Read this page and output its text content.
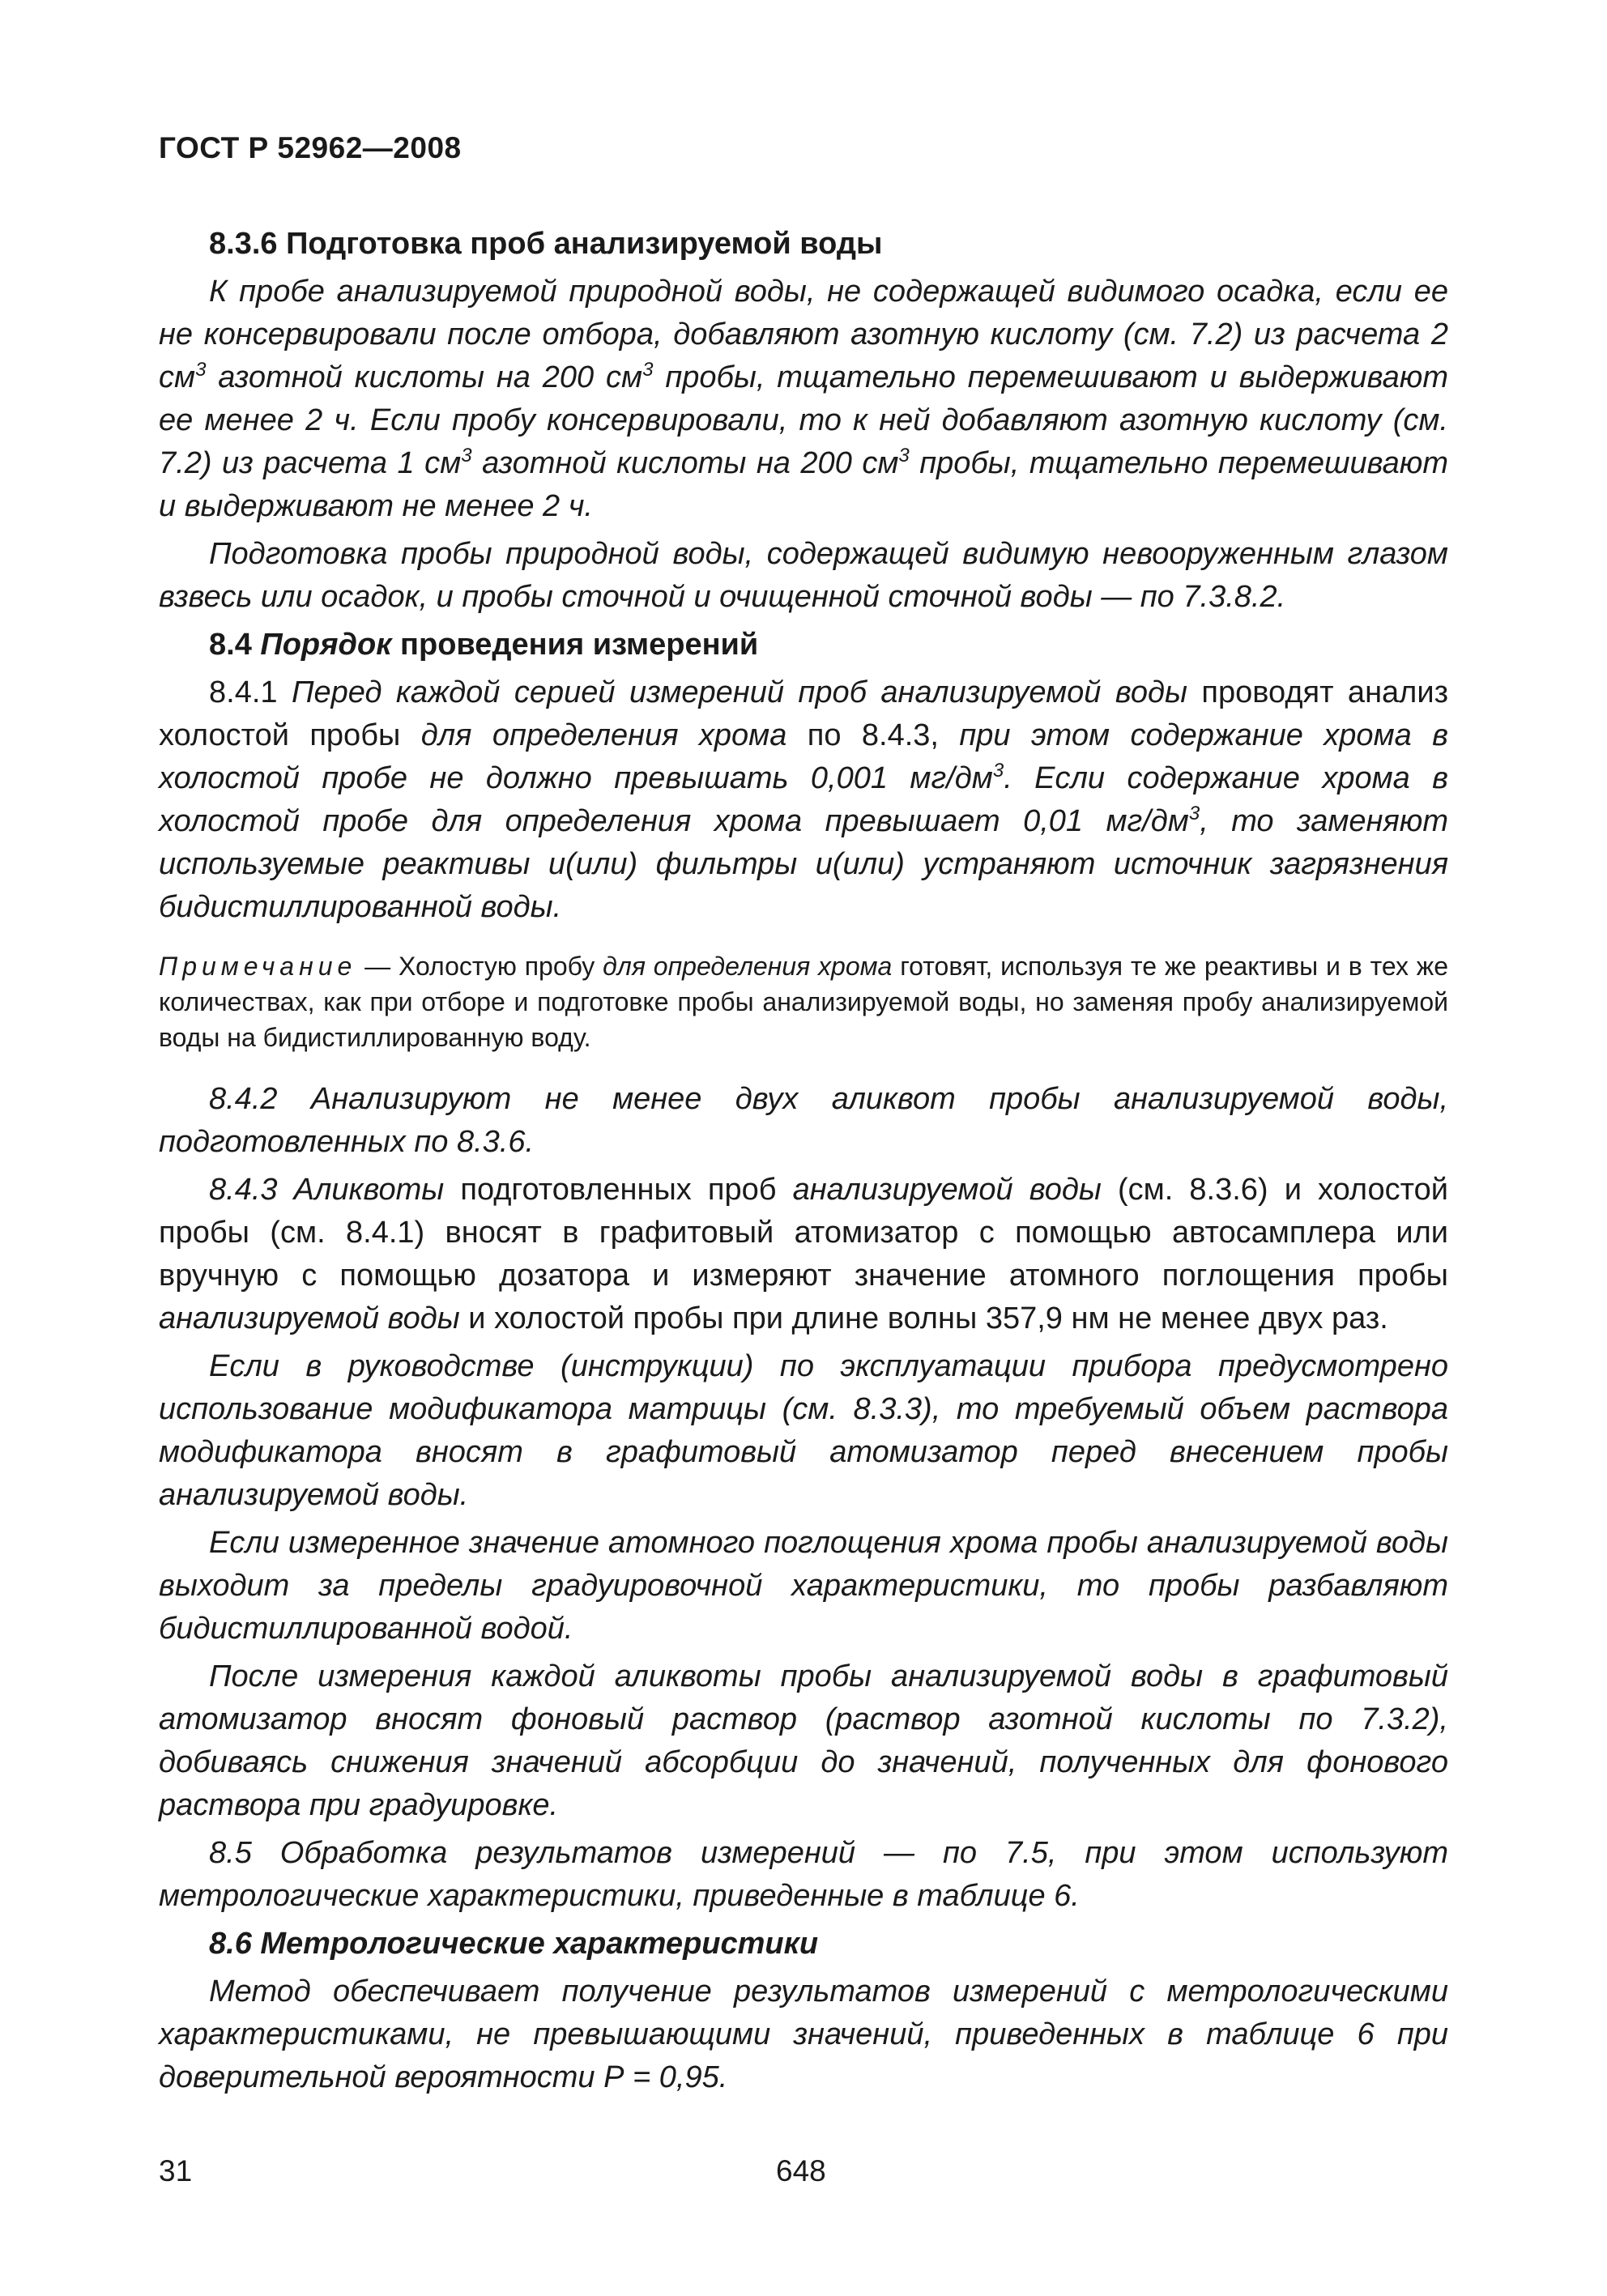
ГОСТ Р 52962—2008

8.3.6 Подготовка проб анализируемой воды

К пробе анализируемой природной воды, не содержащей видимого осадка, если ее не консервировали после отбора, добавляют азотную кислоту (см. 7.2) из расчета 2 $см^3$ азотной кислоты на 200 $см^3$ пробы, тщательно перемешивают и выдерживают ее менее 2 ч. Если пробу консервировали, то к ней добавляют азотную кислоту (см. 7.2) из расчета 1 $см^3$ азотной кислоты на 200 $см^3$ пробы, тщательно перемешивают и выдерживают не менее 2 ч.

Подготовка пробы природной воды, содержащей видимую невооруженным глазом взвесь или осадок, и пробы сточной и очищенной сточной воды — по 7.3.8.2.

8.4 Порядок проведения измерений

8.4.1 Перед каждой серией измерений проб анализируемой воды проводят анализ холостой пробы для определения хрома по 8.4.3, при этом содержание хрома в холостой пробе не должно превышать 0,001 $мг/дм^3$. Если содержание хрома в холостой пробе для определения хрома превышает 0,01 $мг/дм^3$, то заменяют используемые реактивы и(или) фильтры и(или) устраняют источник загрязнения бидистиллированной воды.

Примечание — Холостую пробу для определения хрома готовят, используя те же реактивы и в тех же количествах, как при отборе и подготовке пробы анализируемой воды, но заменяя пробу анализируемой воды на бидистиллированную воду.

8.4.2 Анализируют не менее двух аликвот пробы анализируемой воды, подготовленных по 8.3.6.

8.4.3 Аликвоты подготовленных проб анализируемой воды (см. 8.3.6) и холостой пробы (см. 8.4.1) вносят в графитовый атомизатор с помощью автосамплера или вручную с помощью дозатора и измеряют значение атомного поглощения пробы анализируемой воды и холостой пробы при длине волны 357,9 нм не менее двух раз.

Если в руководстве (инструкции) по эксплуатации прибора предусмотрено использование модификатора матрицы (см. 8.3.3), то требуемый объем раствора модификатора вносят в графитовый атомизатор перед внесением пробы анализируемой воды.

Если измеренное значение атомного поглощения хрома пробы анализируемой воды выходит за пределы градуировочной характеристики, то пробы разбавляют бидистиллированной водой.

После измерения каждой аликвоты пробы анализируемой воды в графитовый атомизатор вносят фоновый раствор (раствор азотной кислоты по 7.3.2), добиваясь снижения значений абсорбции до значений, полученных для фонового раствора при градуировке.

8.5 Обработка результатов измерений — по 7.5, при этом используют метрологические характеристики, приведенные в таблице 6.

8.6 Метрологические характеристики

Метод обеспечивает получение результатов измерений с метрологическими характеристиками, не превышающими значений, приведенных в таблице 6 при доверительной вероятности Р = 0,95.

31	648
